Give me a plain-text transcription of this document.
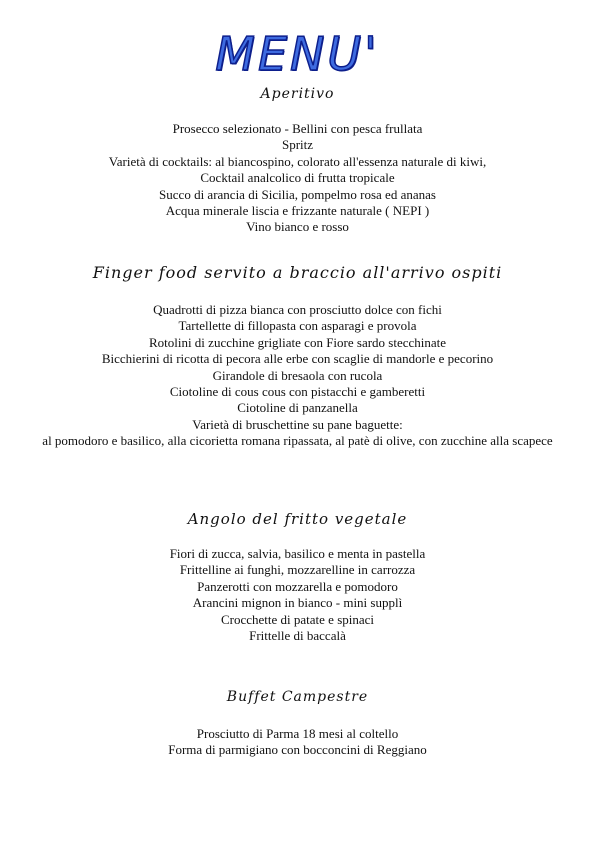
MENU'
Aperitivo
Prosecco selezionato - Bellini con pesca frullata
Spritz
Varietà di cocktails: al biancospino, colorato all'essenza naturale di kiwi,
Cocktail analcolico di frutta tropicale
Succo di arancia di Sicilia, pompelmo rosa ed ananas
Acqua minerale liscia e frizzante naturale ( NEPI )
Vino bianco e rosso
Finger food servito a braccio all'arrivo ospiti
Quadrotti di pizza bianca con prosciutto dolce con fichi
Tartellette di fillopasta con asparagi e provola
Rotolini di zucchine grigliate con Fiore sardo stecchinate
Bicchierini di ricotta di pecora alle erbe con scaglie di mandorle e pecorino
Girandole di bresaola con rucola
Ciotoline di cous cous con pistacchi e gamberetti
Ciotoline di panzanella
Varietà di bruschettine su pane baguette:
al pomodoro e basilico, alla cicorietta romana ripassata, al patè di olive, con zucchine alla scapece
Angolo del fritto vegetale
Fiori di zucca, salvia, basilico e menta in pastella
Frittelline ai funghi, mozzarelline in carrozza
Panzerotti con mozzarella e pomodoro
Arancini mignon in bianco - mini supplì
Crocchette di patate e spinaci
Frittelle di baccalà
Buffet Campestre
Prosciutto di Parma 18 mesi al coltello
Forma di parmigiano con bocconcini di Reggiano
